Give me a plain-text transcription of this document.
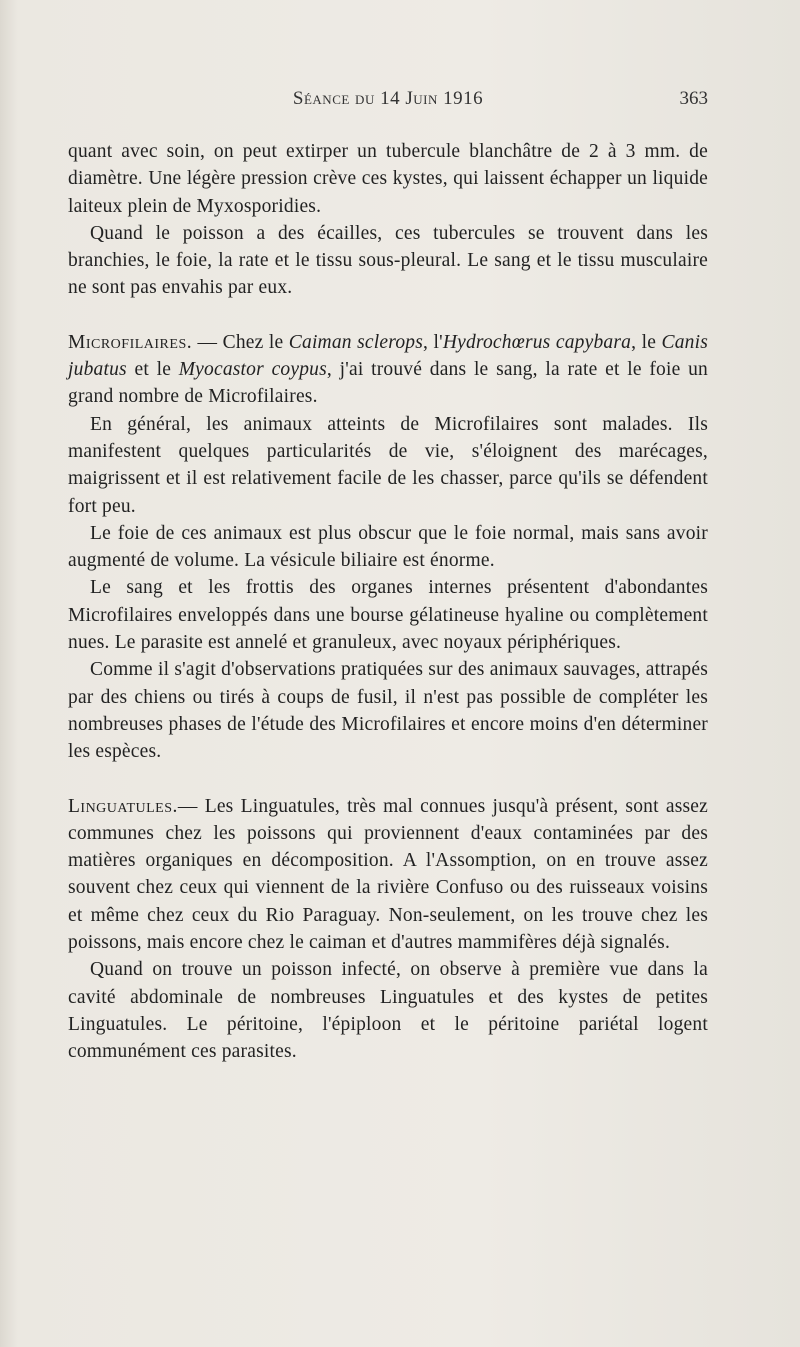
Séance du 14 Juin 1916	363

quant avec soin, on peut extirper un tubercule blanchâtre de 2 à 3 mm. de diamètre. Une légère pression crève ces kystes, qui laissent échapper un liquide laiteux plein de Myxosporidies.

Quand le poisson a des écailles, ces tubercules se trouvent dans les branchies, le foie, la rate et le tissu sous-pleural. Le sang et le tissu musculaire ne sont pas envahis par eux.

Microfilaires. — Chez le Caiman sclerops, l'Hydrochœrus capybara, le Canis jubatus et le Myocastor coypus, j'ai trouvé dans le sang, la rate et le foie un grand nombre de Microfilaires.

En général, les animaux atteints de Microfilaires sont malades. Ils manifestent quelques particularités de vie, s'éloignent des marécages, maigrissent et il est relativement facile de les chasser, parce qu'ils se défendent fort peu.

Le foie de ces animaux est plus obscur que le foie normal, mais sans avoir augmenté de volume. La vésicule biliaire est énorme.

Le sang et les frottis des organes internes présentent d'abondantes Microfilaires enveloppés dans une bourse gélatineuse hyaline ou complètement nues. Le parasite est annelé et granuleux, avec noyaux périphériques.

Comme il s'agit d'observations pratiquées sur des animaux sauvages, attrapés par des chiens ou tirés à coups de fusil, il n'est pas possible de compléter les nombreuses phases de l'étude des Microfilaires et encore moins d'en déterminer les espèces.

Linguatules.— Les Linguatules, très mal connues jusqu'à présent, sont assez communes chez les poissons qui proviennent d'eaux contaminées par des matières organiques en décomposition. A l'Assomption, on en trouve assez souvent chez ceux qui viennent de la rivière Confuso ou des ruisseaux voisins et même chez ceux du Rio Paraguay. Non-seulement, on les trouve chez les poissons, mais encore chez le caiman et d'autres mammifères déjà signalés.

Quand on trouve un poisson infecté, on observe à première vue dans la cavité abdominale de nombreuses Linguatules et des kystes de petites Linguatules. Le péritoine, l'épiploon et le péritoine pariétal logent communément ces parasites.
